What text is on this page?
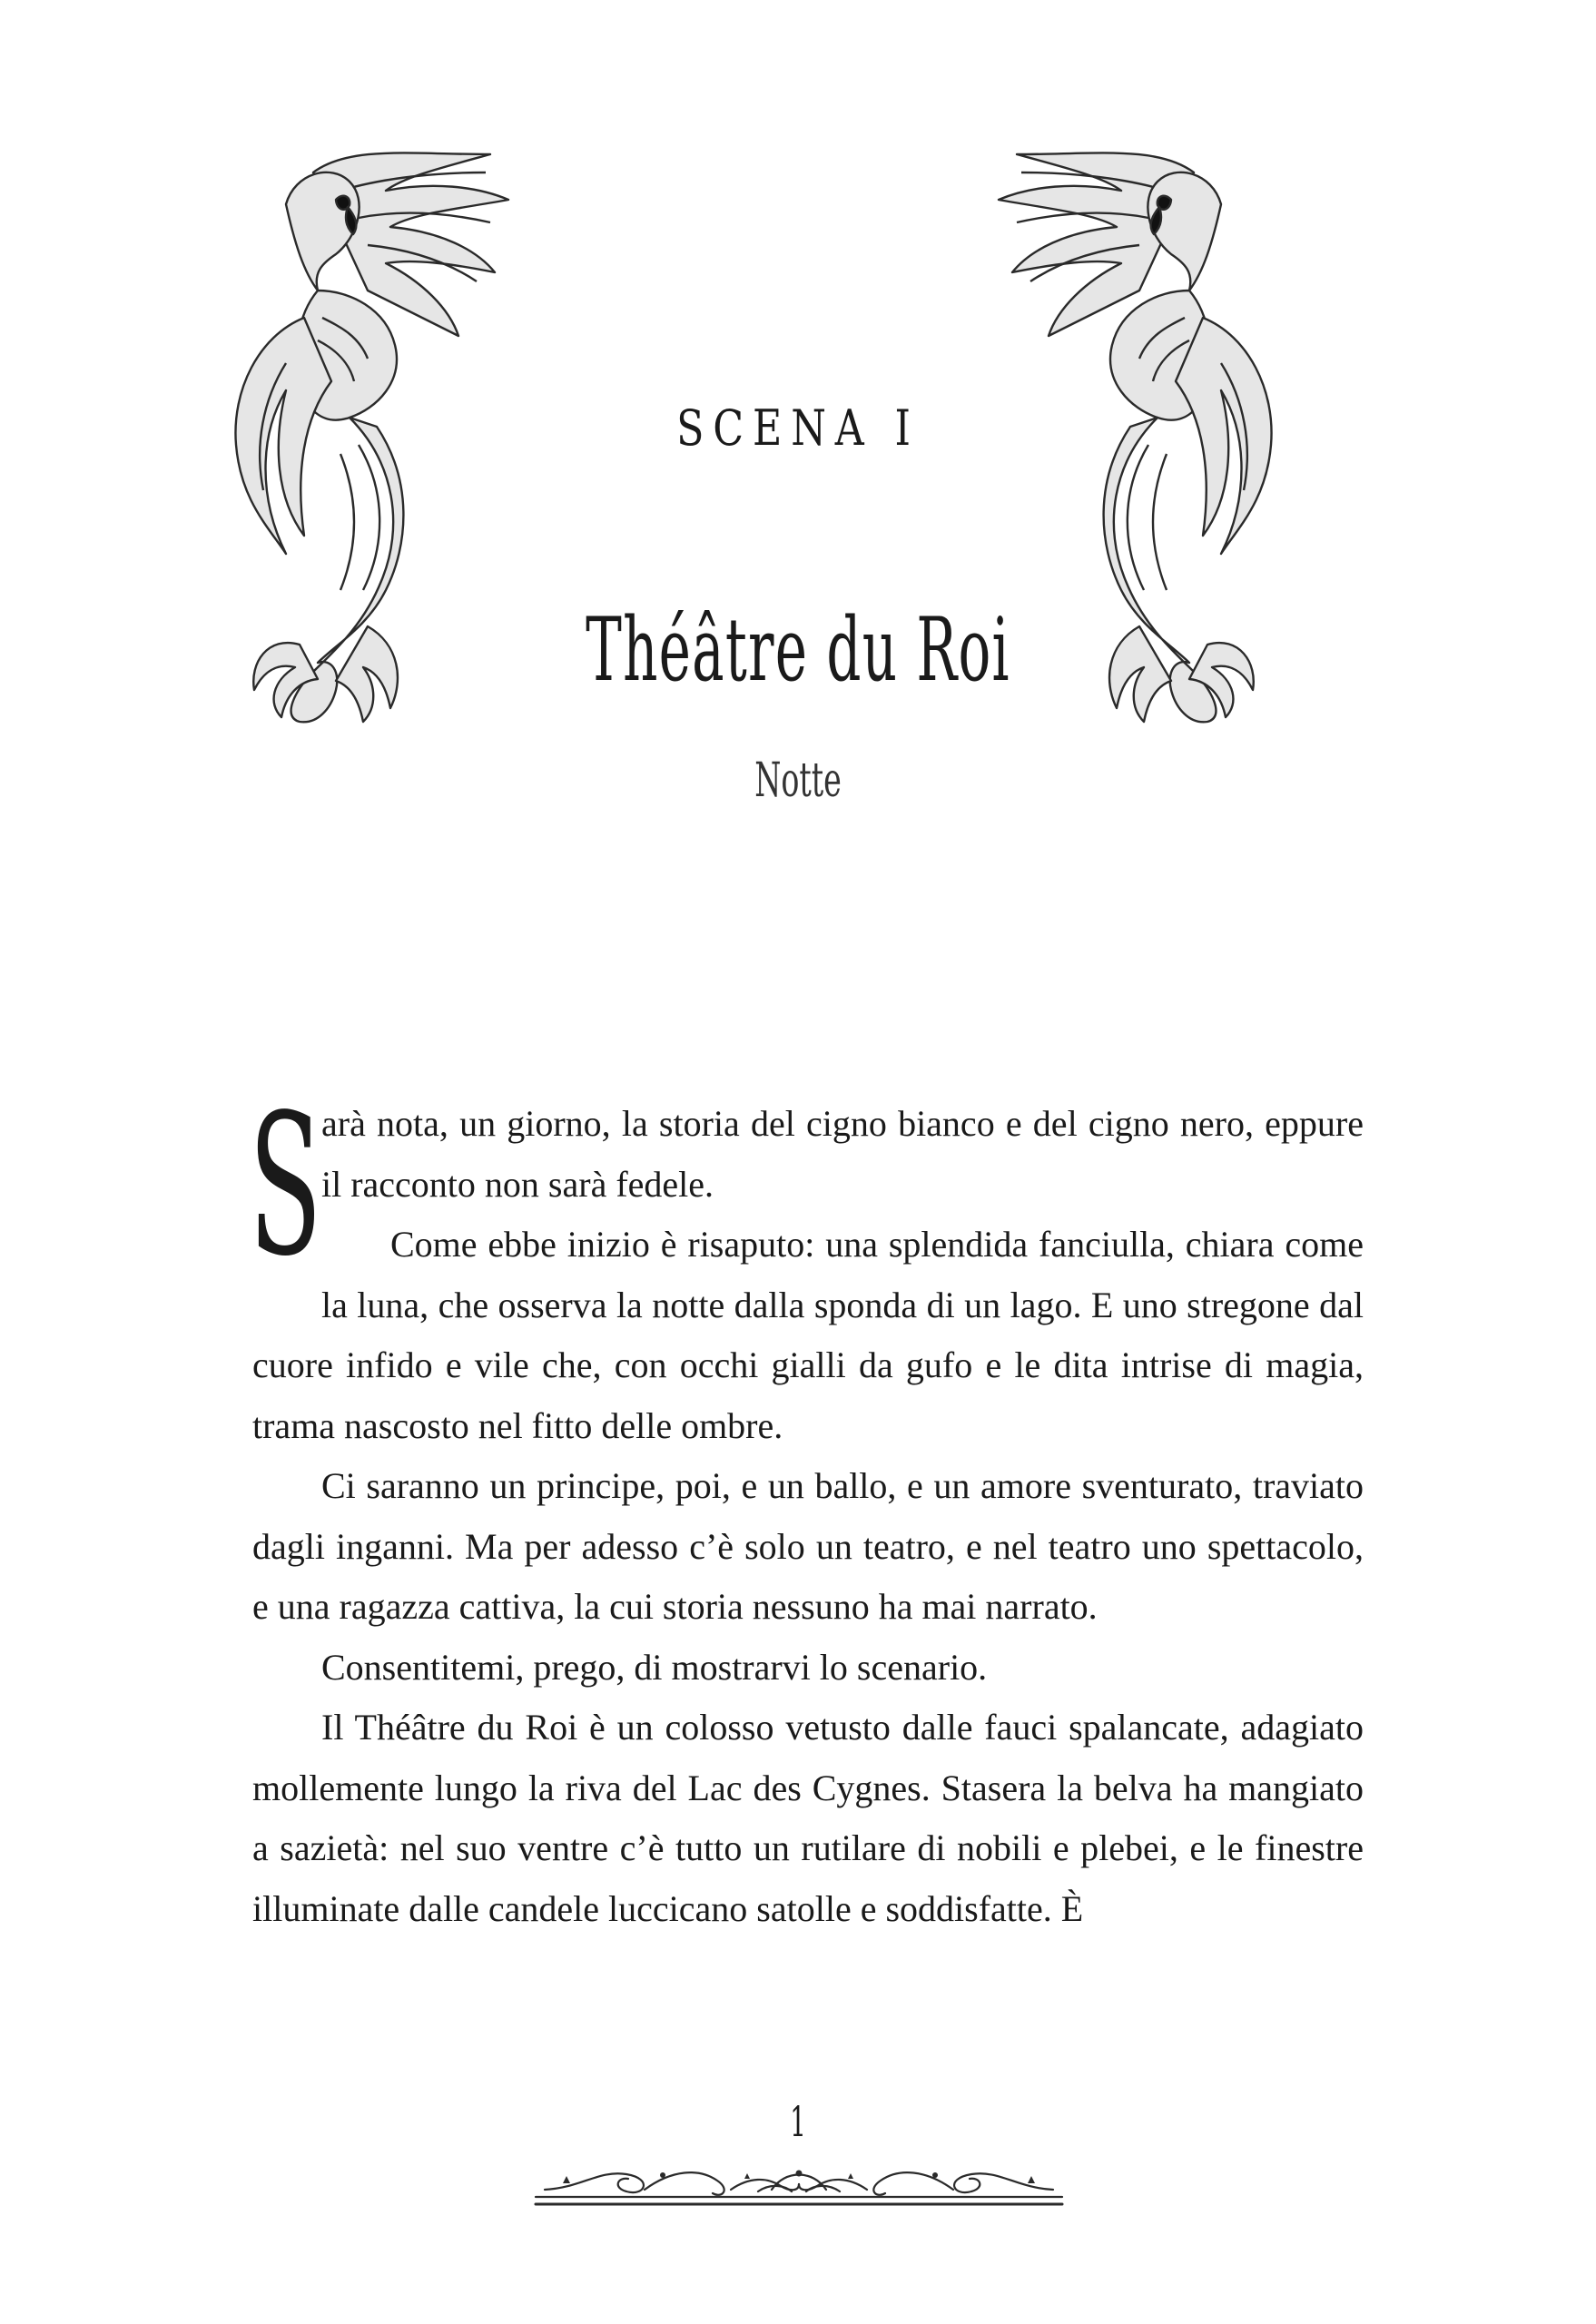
SCENA I
Théâtre du Roi
Notte

Sarà nota, un giorno, la storia del cigno bianco e del cigno nero, eppure il racconto non sarà fedele.
Come ebbe inizio è risaputo: una splendida fanciulla, chiara come la luna, che osserva la notte dalla sponda di un lago. E uno stregone dal cuore infido e vile che, con occhi gialli da gufo e le dita intrise di magia, trama nascosto nel fitto delle ombre.

Ci saranno un principe, poi, e un ballo, e un amore sventurato, traviato dagli inganni. Ma per adesso c’è solo un teatro, e nel teatro uno spettacolo, e una ragazza cattiva, la cui storia nessuno ha mai narrato.

Consentitemi, prego, di mostrarvi lo scenario.

Il Théâtre du Roi è un colosso vetusto dalle fauci spalancate, adagiato mollemente lungo la riva del Lac des Cygnes. Stasera la belva ha mangiato a sazietà: nel suo ventre c’è tutto un rutilare di nobili e plebei, e le finestre illuminate dalle candele luccicano satolle e soddisfatte. È

1
